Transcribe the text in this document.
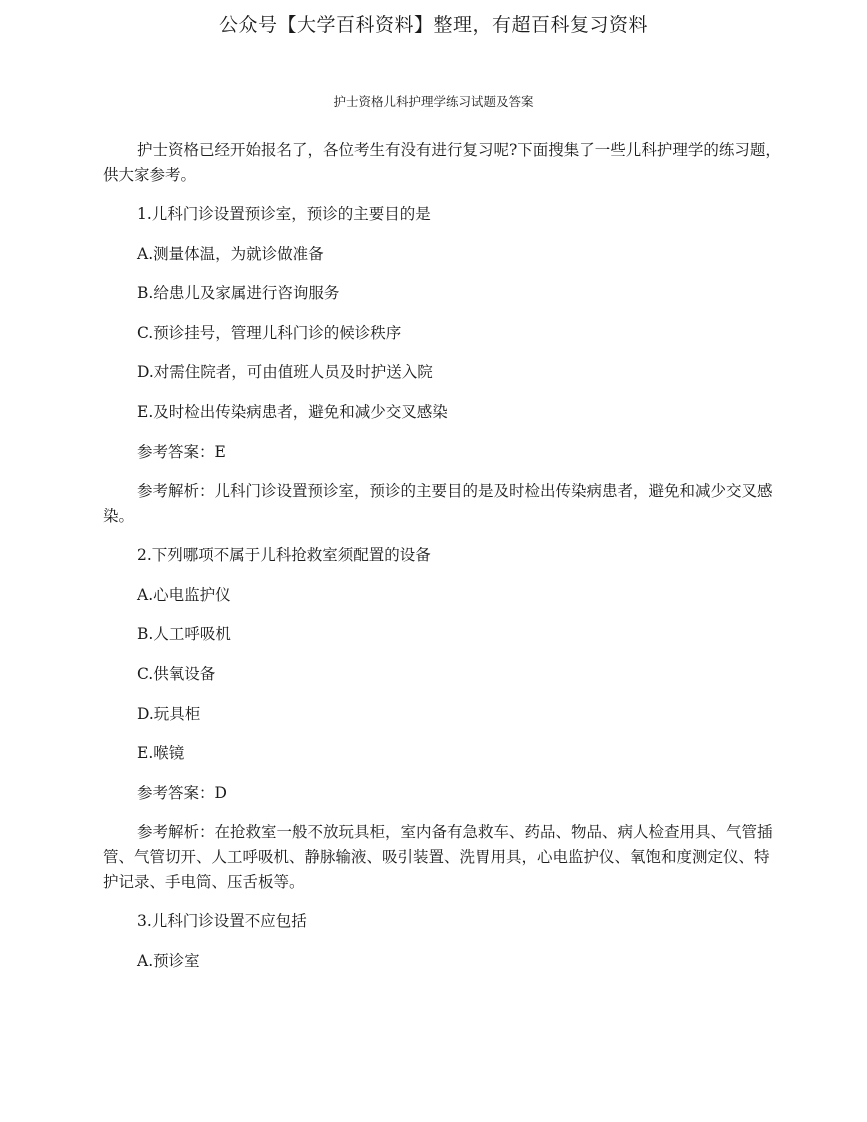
公众号【大学百科资料】整理，有超百科复习资料
护士资格儿科护理学练习试题及答案

护士资格已经开始报名了，各位考生有没有进行复习呢?下面搜集了一些儿科护理学的练习题，供大家参考。

1.儿科门诊设置预诊室，预诊的主要目的是
A.测量体温，为就诊做准备
B.给患儿及家属进行咨询服务
C.预诊挂号，管理儿科门诊的候诊秩序
D.对需住院者，可由值班人员及时护送入院
E.及时检出传染病患者，避免和减少交叉感染
参考答案：E

参考解析：儿科门诊设置预诊室，预诊的主要目的是及时检出传染病患者，避免和减少交叉感染。

2.下列哪项不属于儿科抢救室须配置的设备
A.心电监护仪
B.人工呼吸机
C.供氧设备
D.玩具柜
E.喉镜
参考答案：D

参考解析：在抢救室一般不放玩具柜，室内备有急救车、药品、物品、病人检查用具、气管插管、气管切开、人工呼吸机、静脉输液、吸引装置、洗胃用具，心电监护仪、氧饱和度测定仪、特护记录、手电筒、压舌板等。

3.儿科门诊设置不应包括
A.预诊室
